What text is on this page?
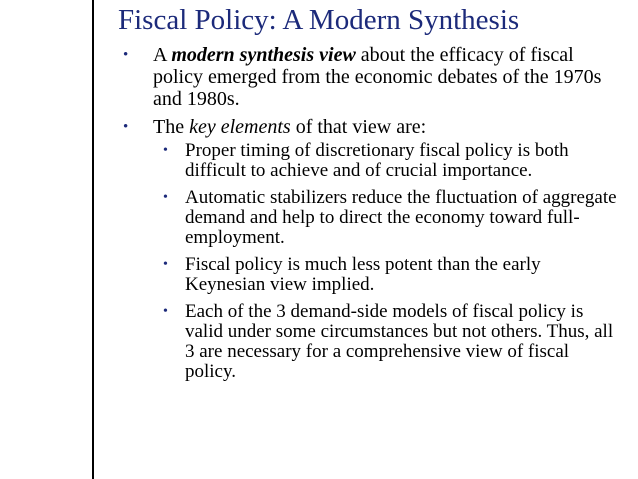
Fiscal Policy: A Modern Synthesis
• A modern synthesis view about the efficacy of fiscal policy emerged from the economic debates of the 1970s and 1980s.
• The key elements of that view are:
• Proper timing of discretionary fiscal policy is both difficult to achieve and of crucial importance.
• Automatic stabilizers reduce the fluctuation of aggregate demand and help to direct the economy toward full-employment.
• Fiscal policy is much less potent than the early Keynesian view implied.
• Each of the 3 demand-side models of fiscal policy is valid under some circumstances but not others. Thus, all 3 are necessary for a comprehensive view of fiscal policy.
